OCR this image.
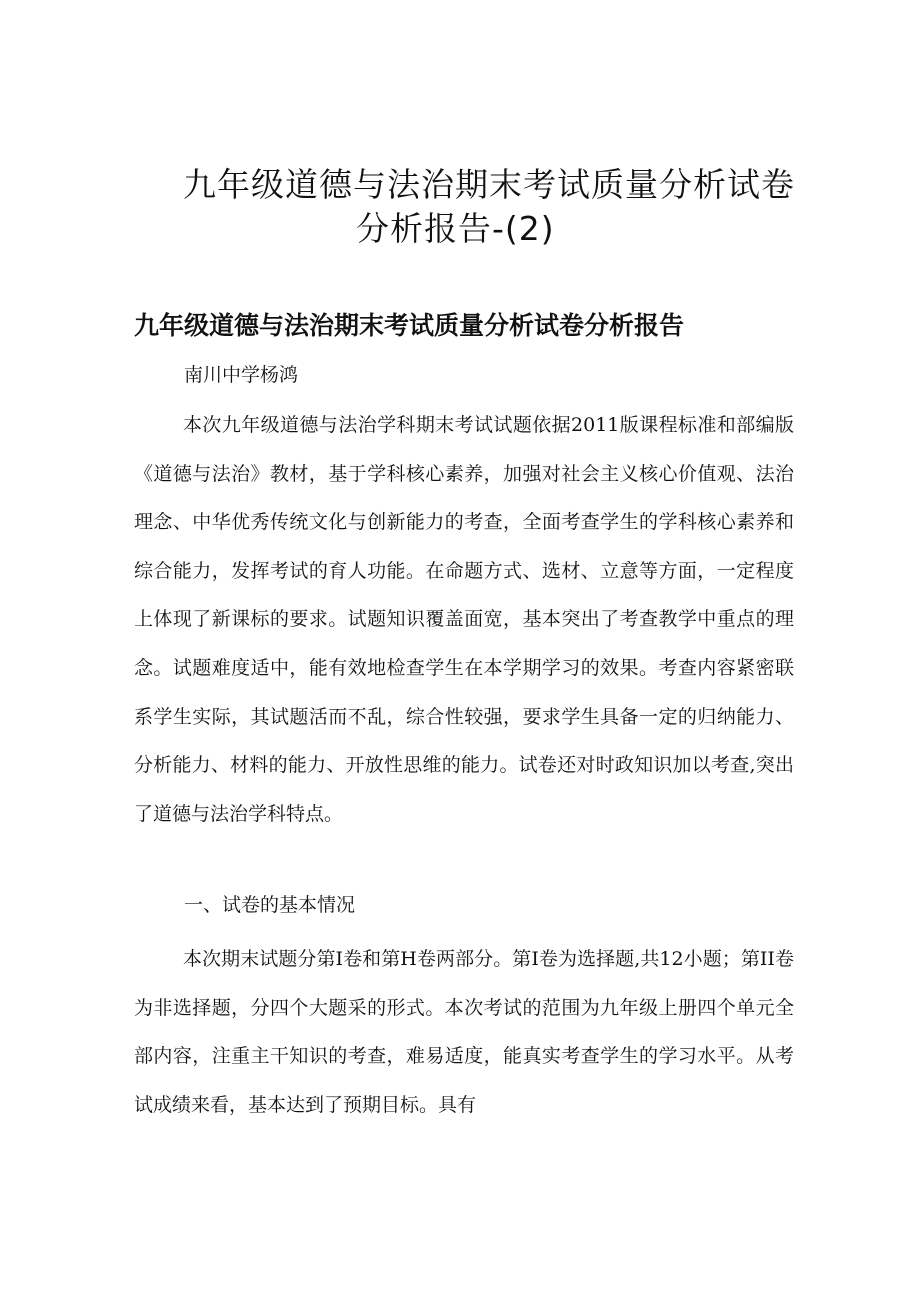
九年级道德与法治期末考试质量分析试卷
分析报告-(2)
九年级道德与法治期末考试质量分析试卷分析报告
南川中学杨鸿

本次九年级道德与法治学科期末考试试题依据2011版课程标准和部编版《道德与法治》教材，基于学科核心素养，加强对社会主义核心价值观、法治理念、中华优秀传统文化与创新能力的考查，全面考查学生的学科核心素养和综合能力，发挥考试的育人功能。在命题方式、选材、立意等方面，一定程度上体现了新课标的要求。试题知识覆盖面宽，基本突出了考查教学中重点的理念。试题难度适中，能有效地检查学生在本学期学习的效果。考查内容紧密联系学生实际，其试题活而不乱，综合性较强，要求学生具备一定的归纳能力、分析能力、材料的能力、开放性思维的能力。试卷还对时政知识加以考查,突出了道德与法治学科特点。

一、试卷的基本情况

本次期末试题分第Ⅰ卷和第H卷两部分。第Ⅰ卷为选择题,共12小题；第II卷为非选择题，分四个大题采的形式。本次考试的范围为九年级上册四个单元全部内容，注重主干知识的考查，难易适度，能真实考查学生的学习水平。从考试成绩来看，基本达到了预期目标。具有
